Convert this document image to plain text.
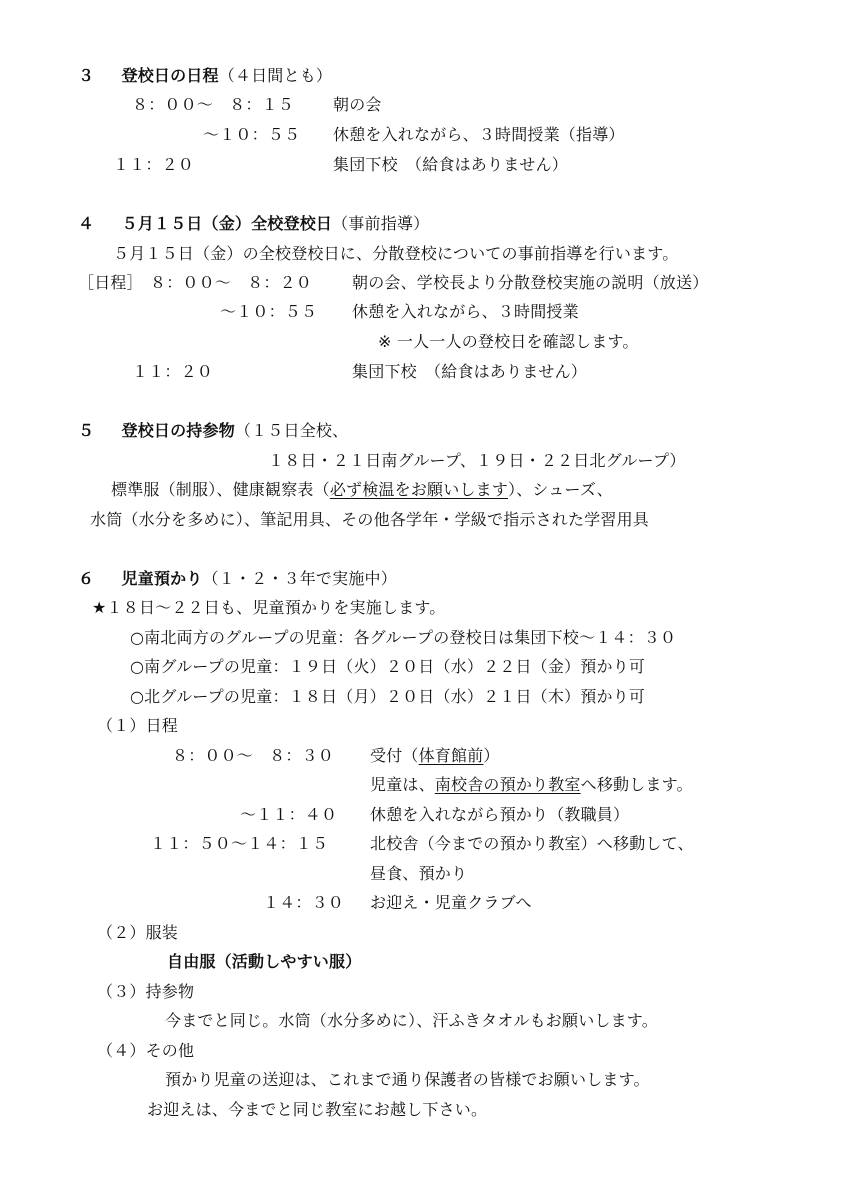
３ 登校日の日程（４日間とも）
８：００～　８：１５ 朝の会
～１０：５５ 休憩を入れながら、３時間授業（指導）
１１：２０	集団下校　（給食はありません）
４ ５月１５日（金）全校登校日（事前指導）
５月１５日（金）の全校登校日に、分散登校についての事前指導を行います。
［日程］ ８：００～　８：２０ 朝の会、学校長より分散登校実施の説明（放送）
～１０：５５ 休憩を入れながら、３時間授業
※ 一人一人の登校日を確認します。
１１：２０	集団下校　（給食はありません）
５ 登校日の持参物（１５日全校、
１８日・２１日南グループ、１９日・２２日北グループ）
標準服（制服）、健康観察表（必ず検温をお願いします）、シューズ、
水筒（水分を多めに）、筆記用具、その他各学年・学級で指示された学習用具
６ 児童預かり（１・２・３年で実施中）
★１８日～２２日も、児童預かりを実施します。
○南北両方のグループの児童：各グループの登校日は集団下校～１４：３０
○南グループの児童：１９日（火）２０日（水）２２日（金）預かり可
○北グループの児童：１８日（月）２０日（水）２１日（木）預かり可
（１）日程
８：００～　８：３０ 受付（体育館前）
児童は、南校舎の預かり教室へ移動します。
～１１：４０ 休憩を入れながら預かり（教職員）
１１：５０～１４：１５	北校舎（今までの預かり教室）へ移動して、
昼食、預かり
１４：３０ お迎え・児童クラブへ
（２）服装
自由服（活動しやすい服）
（３）持参物
今までと同じ。水筒（水分多めに）、汗ふきタオルもお願いします。
（４）その他
預かり児童の送迎は、これまで通り保護者の皆様でお願いします。
お迎えは、今までと同じ教室にお越し下さい。
